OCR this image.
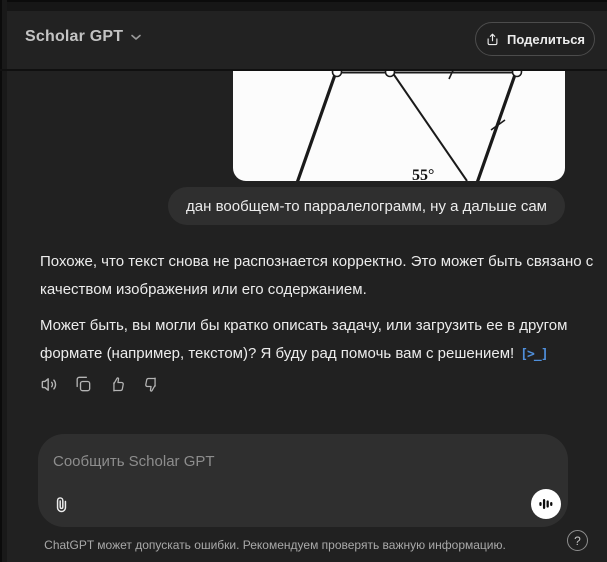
Scholar GPT	Поделиться
55°
дан вообщем-то парралелограмм, ну а дальше сам
Похоже, что текст снова не распознается корректно. Это может быть связано с
качеством изображения или его содержанием.
Может быть, вы могли бы кратко описать задачу, или загрузить ее в другом
формате (например, текстом)? Я буду рад помочь вам с решением! [>_]
Сообщить Scholar GPT
ChatGPT может допускать ошибки. Рекомендуем проверять важную информацию.	?
